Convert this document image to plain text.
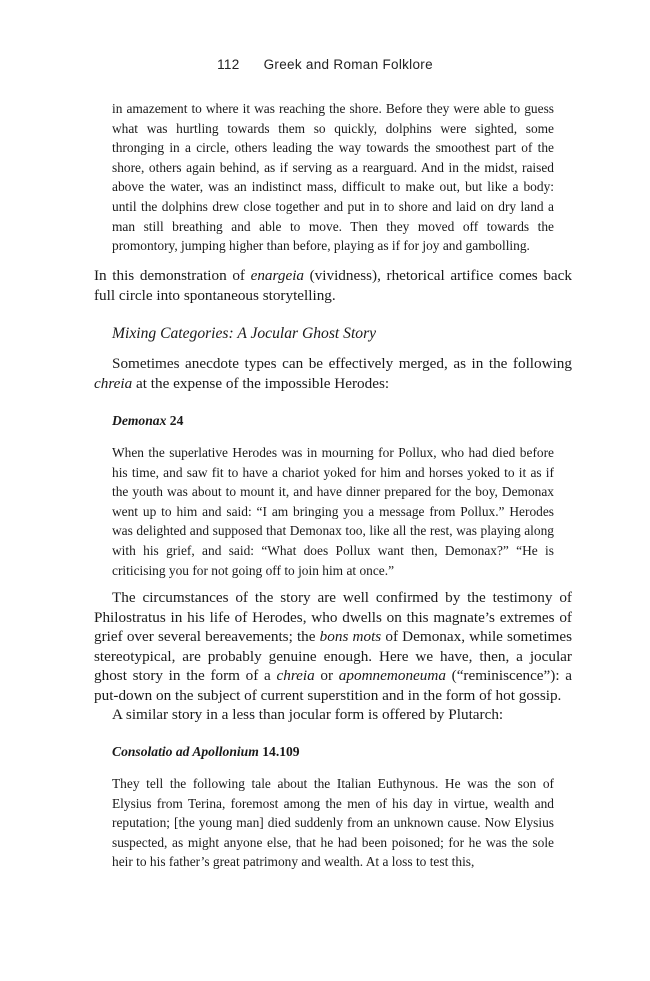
112 Greek and Roman Folklore

in amazement to where it was reaching the shore. Before they were able to guess what was hurtling towards them so quickly, dolphins were sighted, some thronging in a circle, others leading the way towards the smoothest part of the shore, others again behind, as if serving as a rearguard. And in the midst, raised above the water, was an indistinct mass, difficult to make out, but like a body: until the dolphins drew close together and put in to shore and laid on dry land a man still breathing and able to move. Then they moved off towards the promontory, jumping higher than before, playing as if for joy and gambolling.

In this demonstration of enargeia (vividness), rhetorical artifice comes back full circle into spontaneous storytelling.

Mixing Categories: A Jocular Ghost Story

Sometimes anecdote types can be effectively merged, as in the following chreia at the expense of the impossible Herodes:

Demonax 24

When the superlative Herodes was in mourning for Pollux, who had died before his time, and saw fit to have a chariot yoked for him and horses yoked to it as if the youth was about to mount it, and have dinner prepared for the boy, Demonax went up to him and said: “I am bringing you a message from Pollux.” Herodes was delighted and supposed that Demonax too, like all the rest, was playing along with his grief, and said: “What does Pollux want then, Demonax?” “He is criticising you for not going off to join him at once.”

The circumstances of the story are well confirmed by the testimony of Philostratus in his life of Herodes, who dwells on this magnate’s extremes of grief over several bereavements; the bons mots of Demonax, while sometimes stereotypical, are probably genuine enough. Here we have, then, a jocular ghost story in the form of a chreia or apomnemoneuma (“reminiscence”): a put-down on the subject of current superstition and in the form of hot gossip.

A similar story in a less than jocular form is offered by Plutarch:

Consolatio ad Apollonium 14.109

They tell the following tale about the Italian Euthynous. He was the son of Elysius from Terina, foremost among the men of his day in virtue, wealth and reputation; [the young man] died suddenly from an unknown cause. Now Elysius suspected, as might anyone else, that he had been poisoned; for he was the sole heir to his father’s great patrimony and wealth. At a loss to test this,
